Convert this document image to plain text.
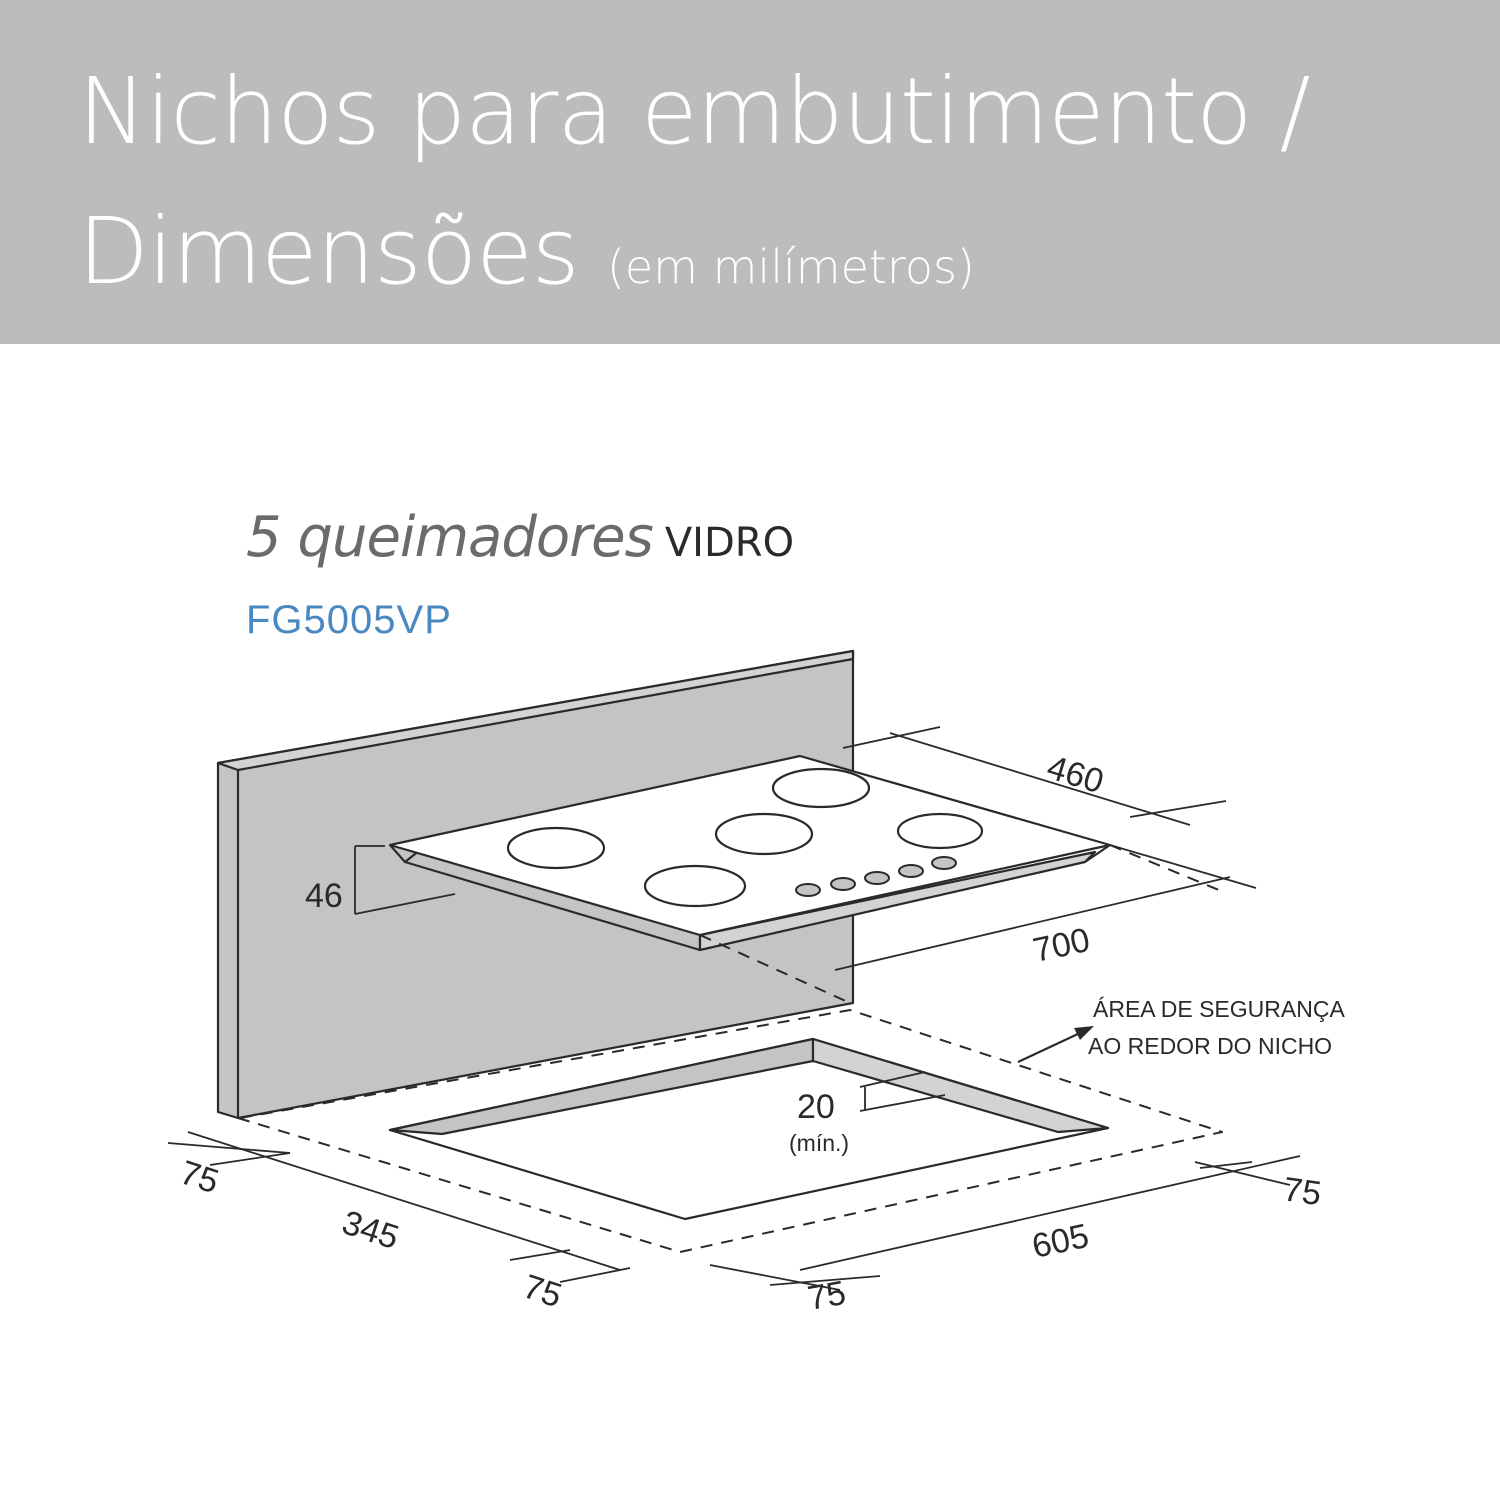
Nichos para embutimento /
Dimensões (em milímetros)
5 queimadores VIDRO
FG5005VP
460
700
46
20
(mín.)
75
345
75
605
75
75
ÁREA DE SEGURANÇA
AO REDOR DO NICHO
